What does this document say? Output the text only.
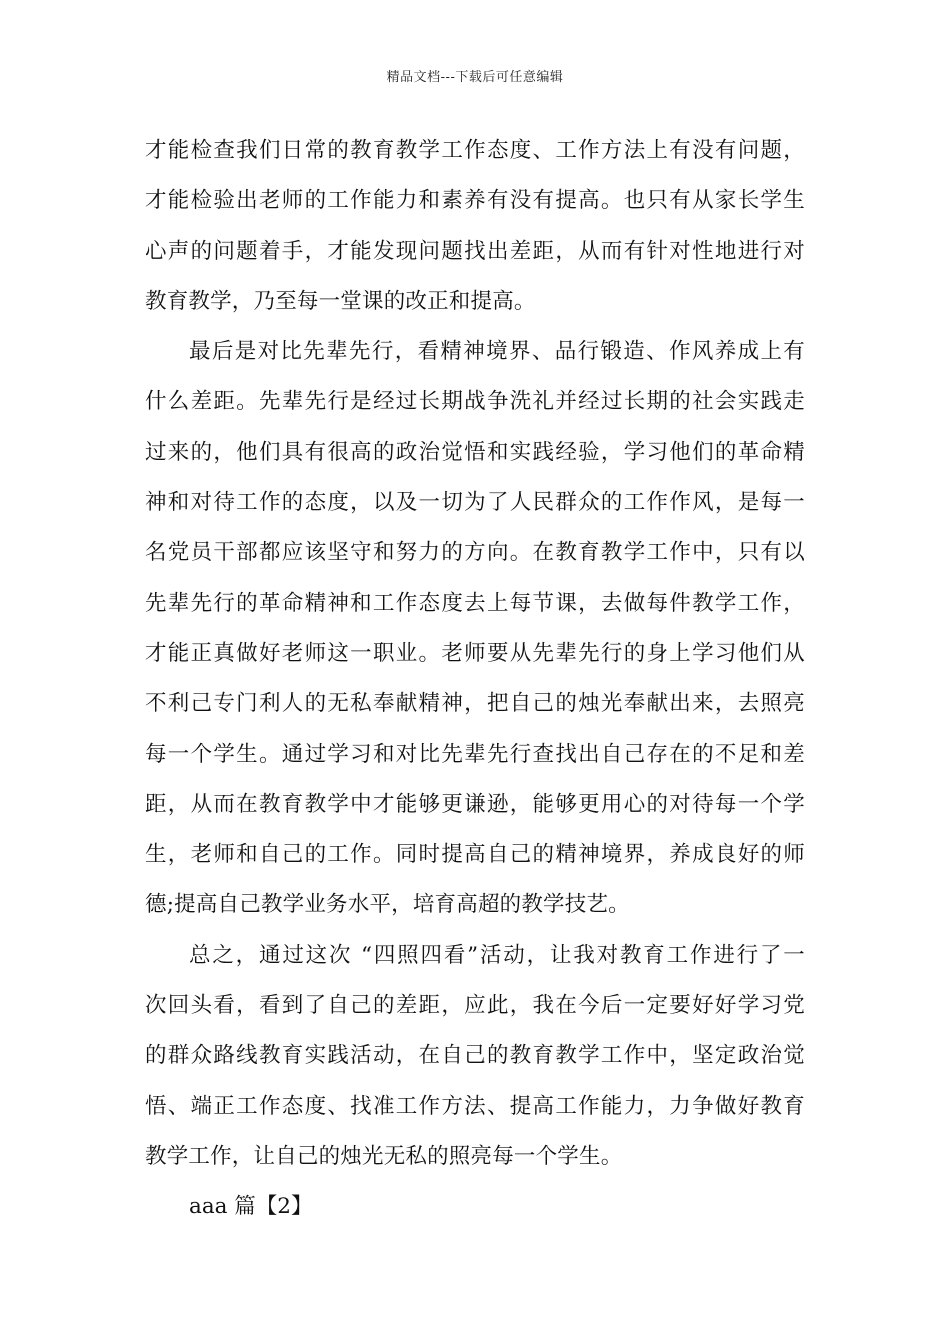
精品文档---下载后可任意编辑
才能检查我们日常的教育教学工作态度、工作方法上有没有问题，
才能检验出老师的工作能力和素养有没有提高。也只有从家长学生
心声的问题着手，才能发现问题找出差距，从而有针对性地进行对
教育教学，乃至每一堂课的改正和提高。
最后是对比先辈先行，看精神境界、品行锻造、作风养成上有
什么差距。先辈先行是经过长期战争洗礼并经过长期的社会实践走
过来的，他们具有很高的政治觉悟和实践经验，学习他们的革命精
神和对待工作的态度，以及一切为了人民群众的工作作风，是每一
名党员干部都应该坚守和努力的方向。在教育教学工作中，只有以
先辈先行的革命精神和工作态度去上每节课，去做每件教学工作，
才能正真做好老师这一职业。老师要从先辈先行的身上学习他们从
不利己专门利人的无私奉献精神，把自己的烛光奉献出来，去照亮
每一个学生。通过学习和对比先辈先行查找出自己存在的不足和差
距，从而在教育教学中才能够更谦逊，能够更用心的对待每一个学
生，老师和自己的工作。同时提高自己的精神境界，养成良好的师
德;提高自己教学业务水平，培育高超的教学技艺。
总之，通过这次 “四照四看”活动，让我对教育工作进行了一
次回头看，看到了自己的差距，应此，我在今后一定要好好学习党
的群众路线教育实践活动，在自己的教育教学工作中，坚定政治觉
悟、端正工作态度、找准工作方法、提高工作能力，力争做好教育
教学工作，让自己的烛光无私的照亮每一个学生。
aaa 篇【2】
